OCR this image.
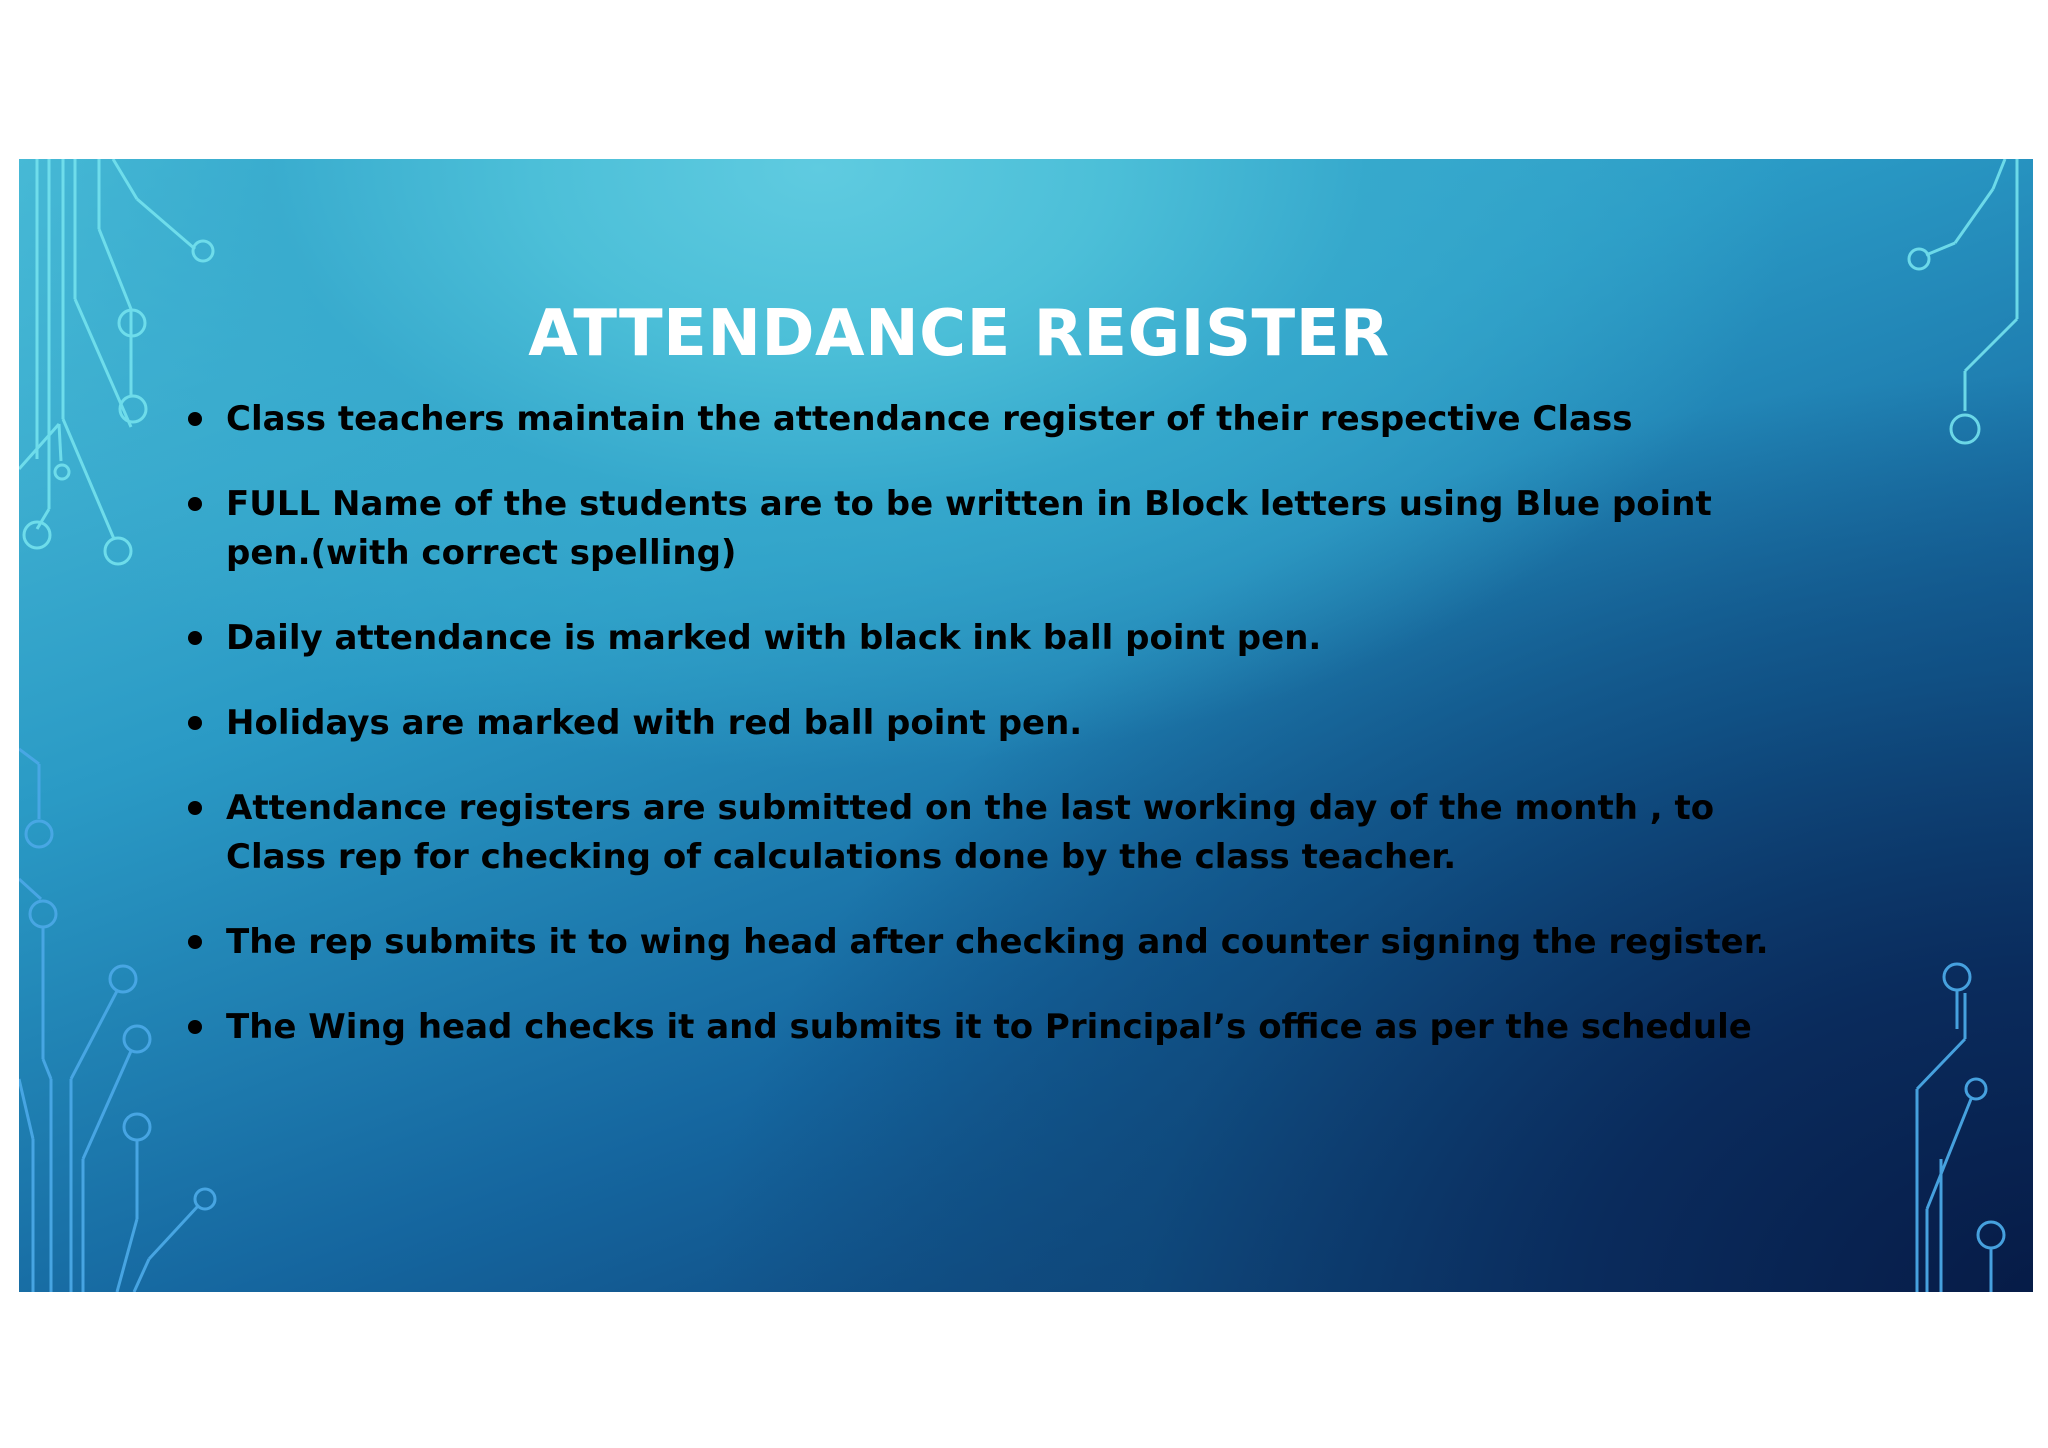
ATTENDANCE REGISTER
Class teachers maintain the attendance register of their respective Class
FULL Name of the students are to be written in Block letters using Blue point pen.(with correct spelling)
Daily attendance is marked with black ink ball point pen.
Holidays are marked with red ball point pen.
Attendance registers are submitted on the last working day of the month , to Class rep for checking of calculations done by the class teacher.
The rep submits it to wing head after checking and counter signing the register.
The Wing head checks it and submits it to Principal’s office as per the schedule
